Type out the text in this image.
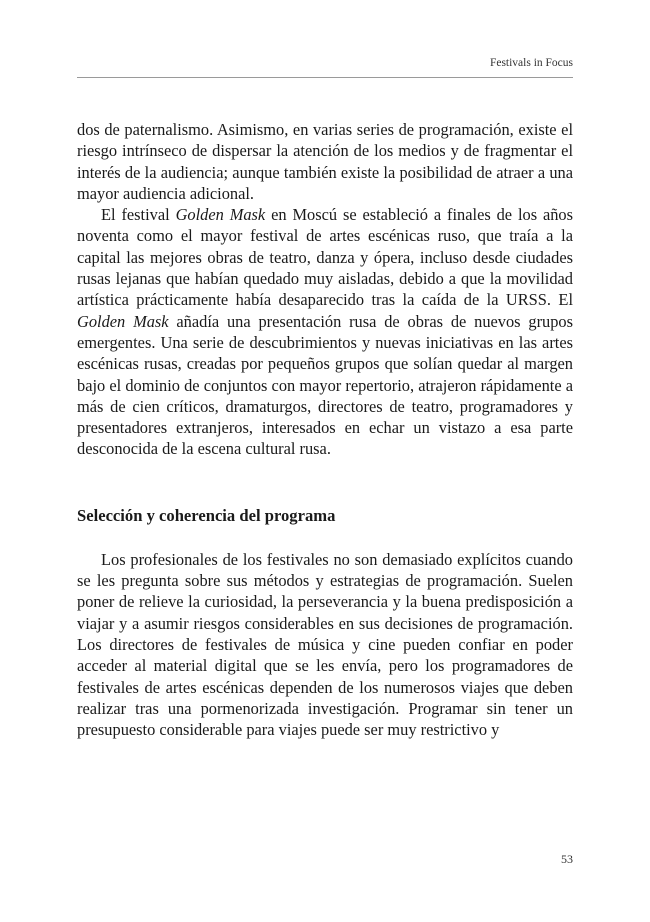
Festivals in Focus

dos de paternalismo. Asimismo, en varias series de programación, existe el riesgo intrínseco de dispersar la atención de los medios y de fragmentar el interés de la audiencia; aunque también existe la posibilidad de atraer a una mayor audiencia adicional.

El festival Golden Mask en Moscú se estableció a finales de los años noventa como el mayor festival de artes escénicas ruso, que traía a la capital las mejores obras de teatro, danza y ópera, incluso desde ciudades rusas lejanas que habían quedado muy aisladas, debido a que la movilidad artística prácticamente había desaparecido tras la caída de la URSS. El Golden Mask añadía una presentación rusa de obras de nuevos grupos emergentes. Una serie de descubrimientos y nuevas iniciativas en las artes escénicas rusas, creadas por pequeños grupos que solían quedar al margen bajo el dominio de conjuntos con mayor repertorio, atrajeron rápidamente a más de cien críticos, dramaturgos, directores de teatro, programadores y presentadores extranjeros, interesados en echar un vistazo a esa parte desconocida de la escena cultural rusa.

Selección y coherencia del programa

Los profesionales de los festivales no son demasiado explícitos cuando se les pregunta sobre sus métodos y estrategias de programación. Suelen poner de relieve la curiosidad, la perseverancia y la buena predisposición a viajar y a asumir riesgos considerables en sus decisiones de programación. Los directores de festivales de música y cine pueden confiar en poder acceder al material digital que se les envía, pero los programadores de festivales de artes escénicas dependen de los numerosos viajes que deben realizar tras una pormenorizada investigación. Programar sin tener un presupuesto considerable para viajes puede ser muy restrictivo y

53
